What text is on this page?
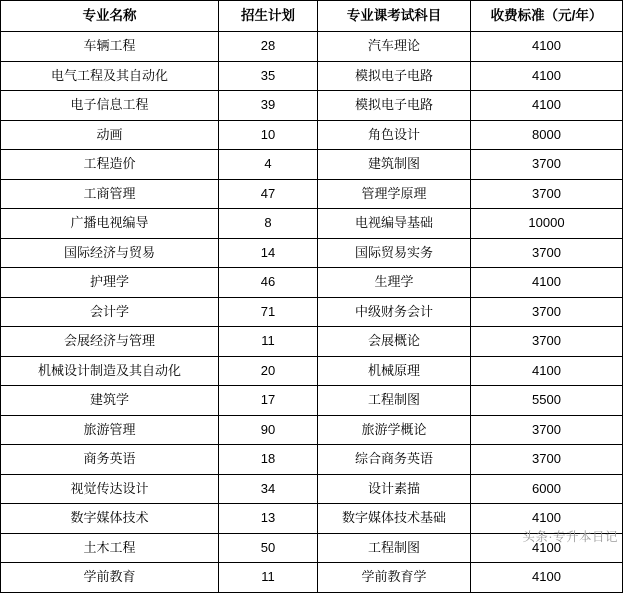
专业名称	招生计划	专业课考试科目	收费标准（元/年）
车辆工程	28	汽车理论	4100
电气工程及其自动化	35	模拟电子电路	4100
电子信息工程	39	模拟电子电路	4100
动画	10	角色设计	8000
工程造价	4	建筑制图	3700
工商管理	47	管理学原理	3700
广播电视编导	8	电视编导基础	10000
国际经济与贸易	14	国际贸易实务	3700
护理学	46	生理学	4100
会计学	71	中级财务会计	3700
会展经济与管理	11	会展概论	3700
机械设计制造及其自动化	20	机械原理	4100
建筑学	17	工程制图	5500
旅游管理	90	旅游学概论	3700
商务英语	18	综合商务英语	3700
视觉传达设计	34	设计素描	6000
数字媒体技术	13	数字媒体技术基础	4100
土木工程	50	工程制图	4100
学前教育	11	学前教育学	4100
头条·专升本日记
